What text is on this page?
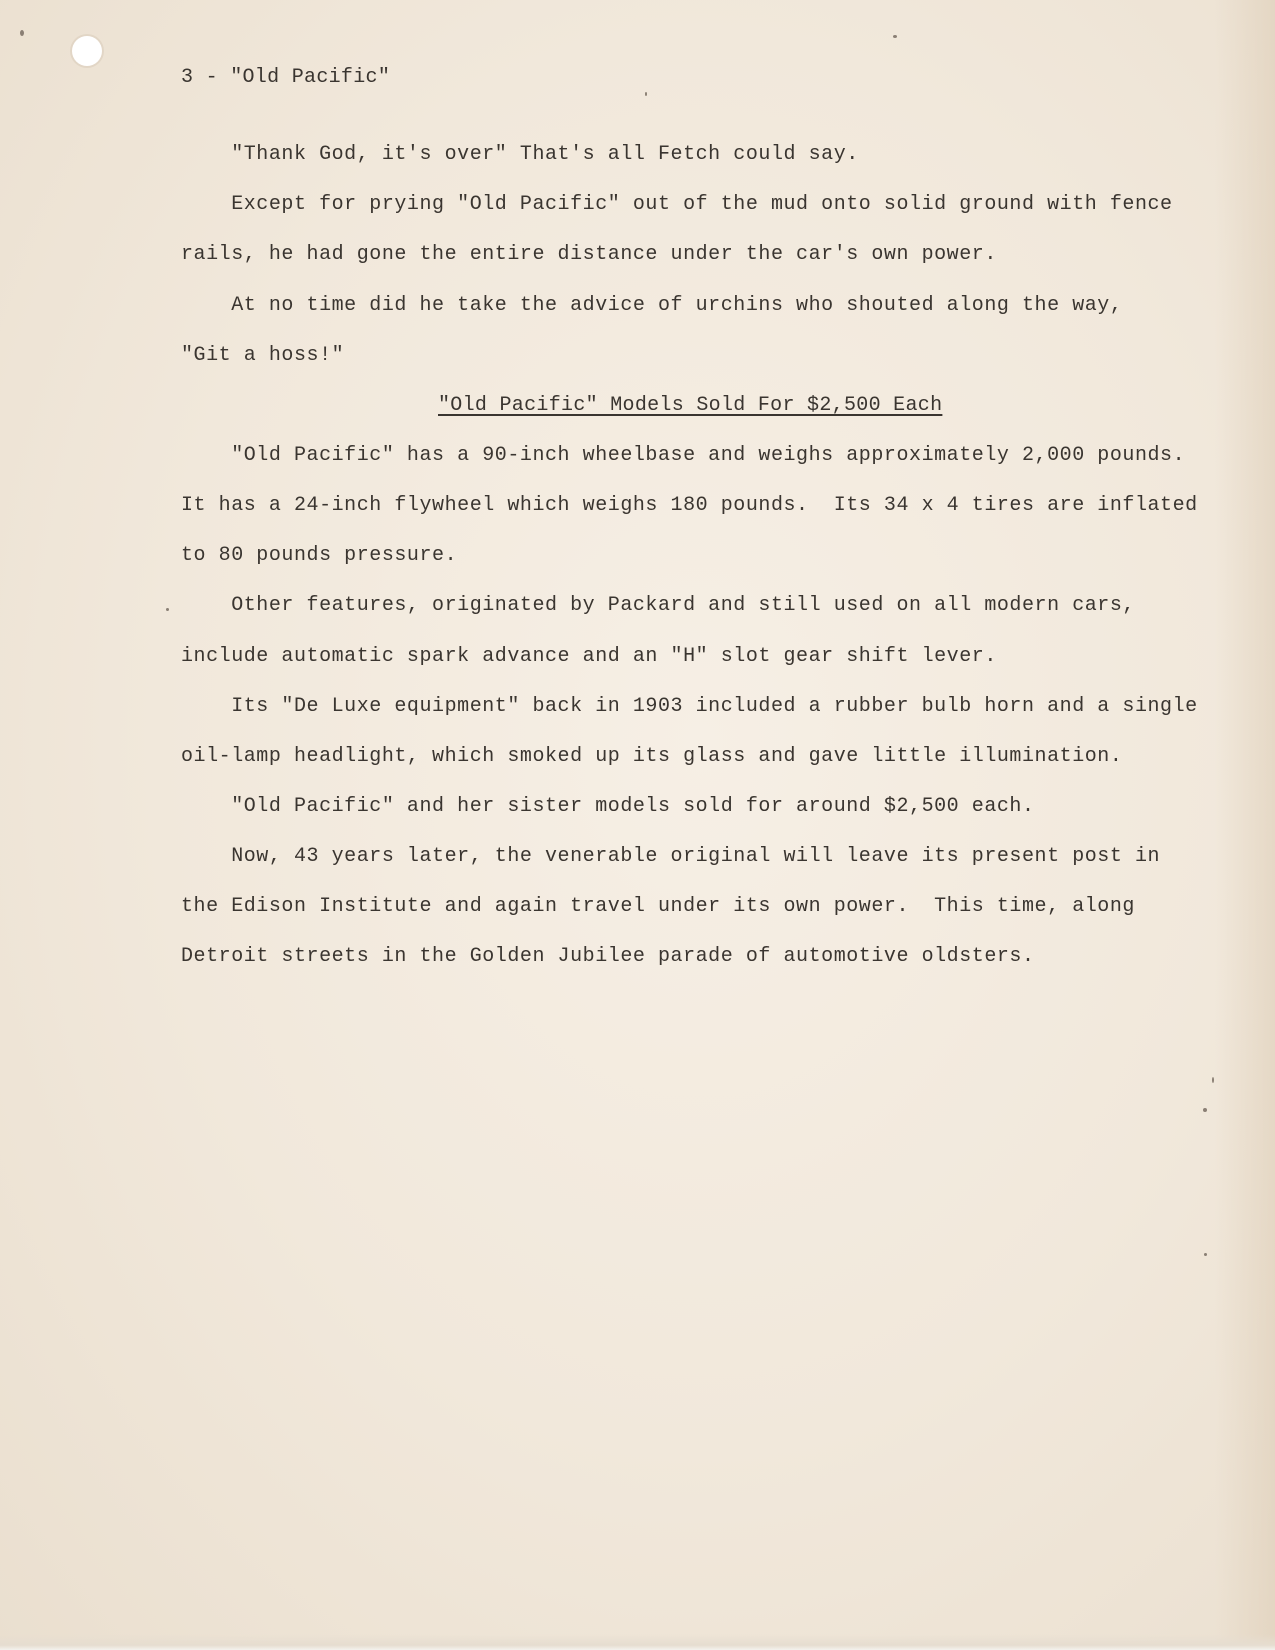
3 - "Old Pacific"
"Thank God, it's over" That's all Fetch could say.
Except for prying "Old Pacific" out of the mud onto solid ground with fence
rails, he had gone the entire distance under the car's own power.
At no time did he take the advice of urchins who shouted along the way,
"Git a hoss!"
"Old Pacific" Models Sold For $2,500 Each
"Old Pacific" has a 90-inch wheelbase and weighs approximately 2,000 pounds.
It has a 24-inch flywheel which weighs 180 pounds.  Its 34 x 4 tires are inflated
to 80 pounds pressure.
Other features, originated by Packard and still used on all modern cars,
include automatic spark advance and an "H" slot gear shift lever.
Its "De Luxe equipment" back in 1903 included a rubber bulb horn and a single
oil-lamp headlight, which smoked up its glass and gave little illumination.
"Old Pacific" and her sister models sold for around $2,500 each.
Now, 43 years later, the venerable original will leave its present post in
the Edison Institute and again travel under its own power.  This time, along
Detroit streets in the Golden Jubilee parade of automotive oldsters.
